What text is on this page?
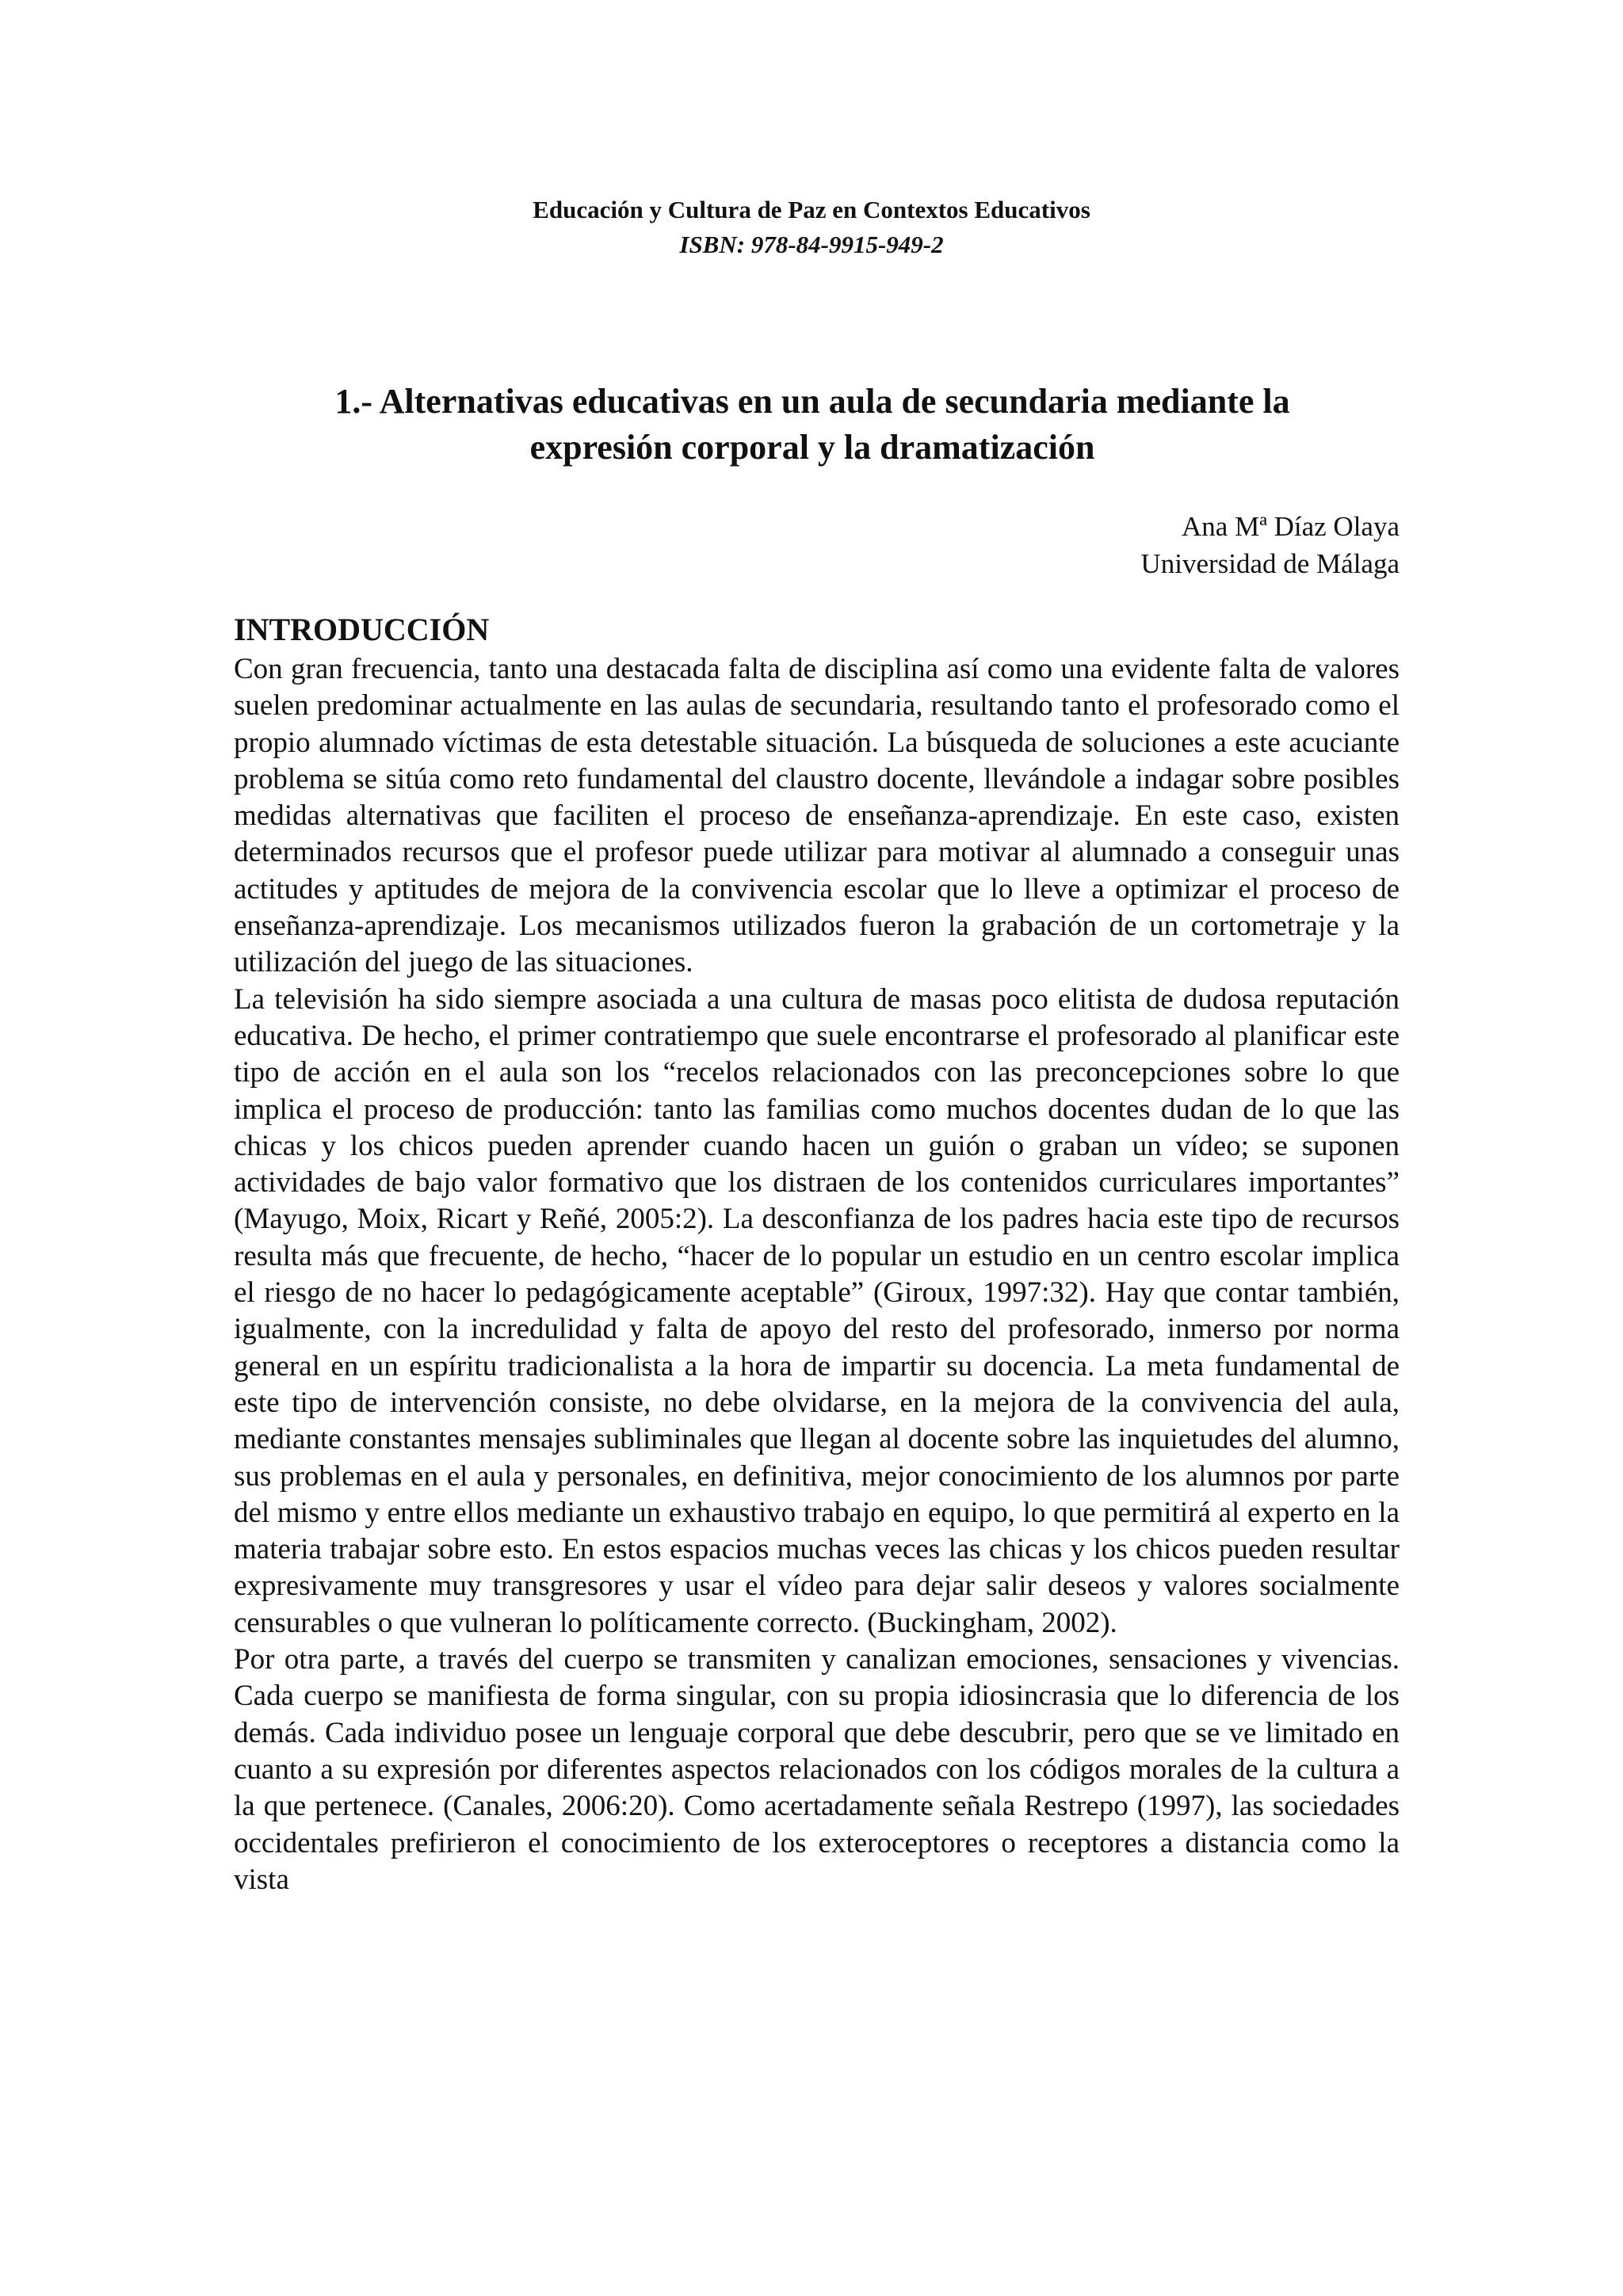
Educación y Cultura de Paz en Contextos Educativos
ISBN: 978-84-9915-949-2
1.- Alternativas educativas en un aula de secundaria mediante la
expresión corporal y la dramatización
Ana Mª Díaz Olaya
Universidad de Málaga
INTRODUCCIÓN

Con gran frecuencia, tanto una destacada falta de disciplina así como una evidente falta de valores suelen predominar actualmente en las aulas de secundaria, resultando tanto el profesorado como el propio alumnado víctimas de esta detestable situación. La búsqueda de soluciones a este acuciante problema se sitúa como reto fundamental del claustro docente, llevándole a indagar sobre posibles medidas alternativas que faciliten el proceso de enseñanza-aprendizaje. En este caso, existen determinados recursos que el profesor puede utilizar para motivar al alumnado a conseguir unas actitudes y aptitudes de mejora de la convivencia escolar que lo lleve a optimizar el proceso de enseñanza-aprendizaje. Los mecanismos utilizados fueron la grabación de un cortometraje y la utilización del juego de las situaciones.

La televisión ha sido siempre asociada a una cultura de masas poco elitista de dudosa reputación educativa. De hecho, el primer contratiempo que suele encontrarse el profesorado al planificar este tipo de acción en el aula son los “recelos relacionados con las preconcepciones sobre lo que implica el proceso de producción: tanto las familias como muchos docentes dudan de lo que las chicas y los chicos pueden aprender cuando hacen un guión o graban un vídeo; se suponen actividades de bajo valor formativo que los distraen de los contenidos curriculares importantes” (Mayugo, Moix, Ricart y Reñé, 2005:2). La desconfianza de los padres hacia este tipo de recursos resulta más que frecuente, de hecho, “hacer de lo popular un estudio en un centro escolar implica el riesgo de no hacer lo pedagógicamente aceptable” (Giroux, 1997:32). Hay que contar también, igualmente, con la incredulidad y falta de apoyo del resto del profesorado, inmerso por norma general en un espíritu tradicionalista a la hora de impartir su docencia. La meta fundamental de este tipo de intervención consiste, no debe olvidarse, en la mejora de la convivencia del aula, mediante constantes mensajes subliminales que llegan al docente sobre las inquietudes del alumno, sus problemas en el aula y personales, en definitiva, mejor conocimiento de los alumnos por parte del mismo y entre ellos mediante un exhaustivo trabajo en equipo, lo que permitirá al experto en la materia trabajar sobre esto. En estos espacios muchas veces las chicas y los chicos pueden resultar expresivamente muy transgresores y usar el vídeo para dejar salir deseos y valores socialmente censurables o que vulneran lo políticamente correcto. (Buckingham, 2002).

Por otra parte, a través del cuerpo se transmiten y canalizan emociones, sensaciones y vivencias. Cada cuerpo se manifiesta de forma singular, con su propia idiosincrasia que lo diferencia de los demás. Cada individuo posee un lenguaje corporal que debe descubrir, pero que se ve limitado en cuanto a su expresión por diferentes aspectos relacionados con los códigos morales de la cultura a la que pertenece. (Canales, 2006:20). Como acertadamente señala Restrepo (1997), las sociedades occidentales prefirieron el conocimiento de los exteroceptores o receptores a distancia como la vista
